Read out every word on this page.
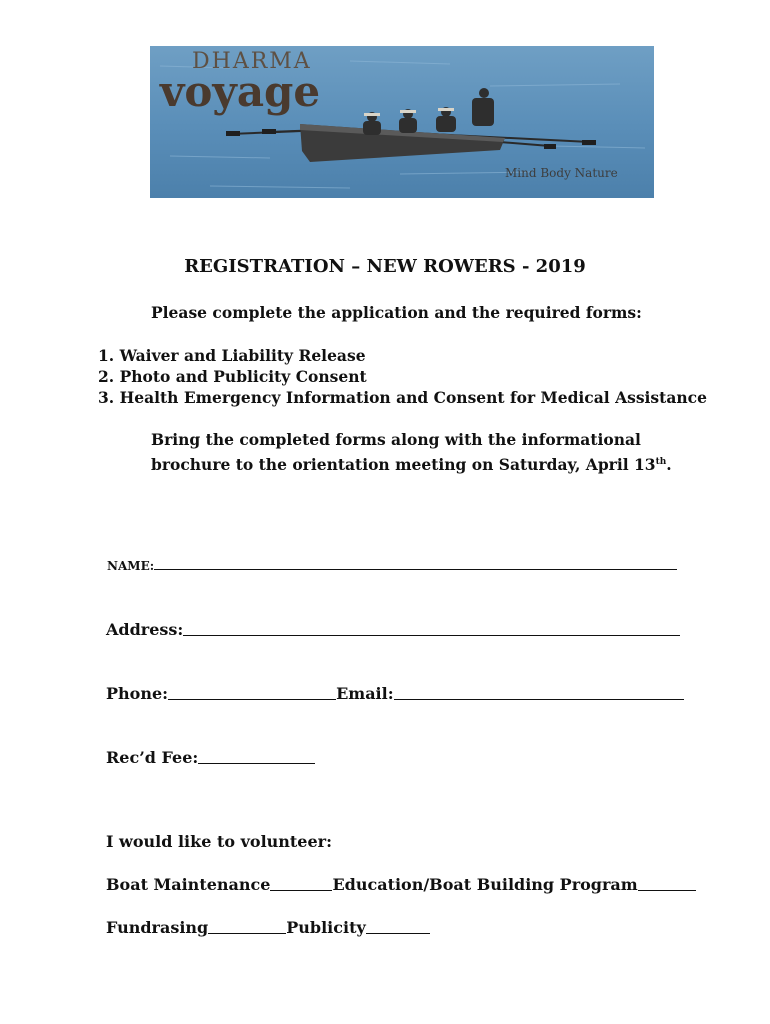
DHARMA
voyage
Mind Body Nature
REGISTRATION – NEW ROWERS - 2019
Please complete the application and the required forms:
1. Waiver and Liability Release
2. Photo and Publicity Consent
3. Health Emergency Information and Consent for Medical Assistance
Bring the completed forms along with the informational
brochure to the orientation meeting on Saturday, April 13th.
NAME:
Address:
Phone:	Email:
Rec’d Fee:
I would like to volunteer:
Boat Maintenance	Education/Boat Building Program
Fundrasing	Publicity
